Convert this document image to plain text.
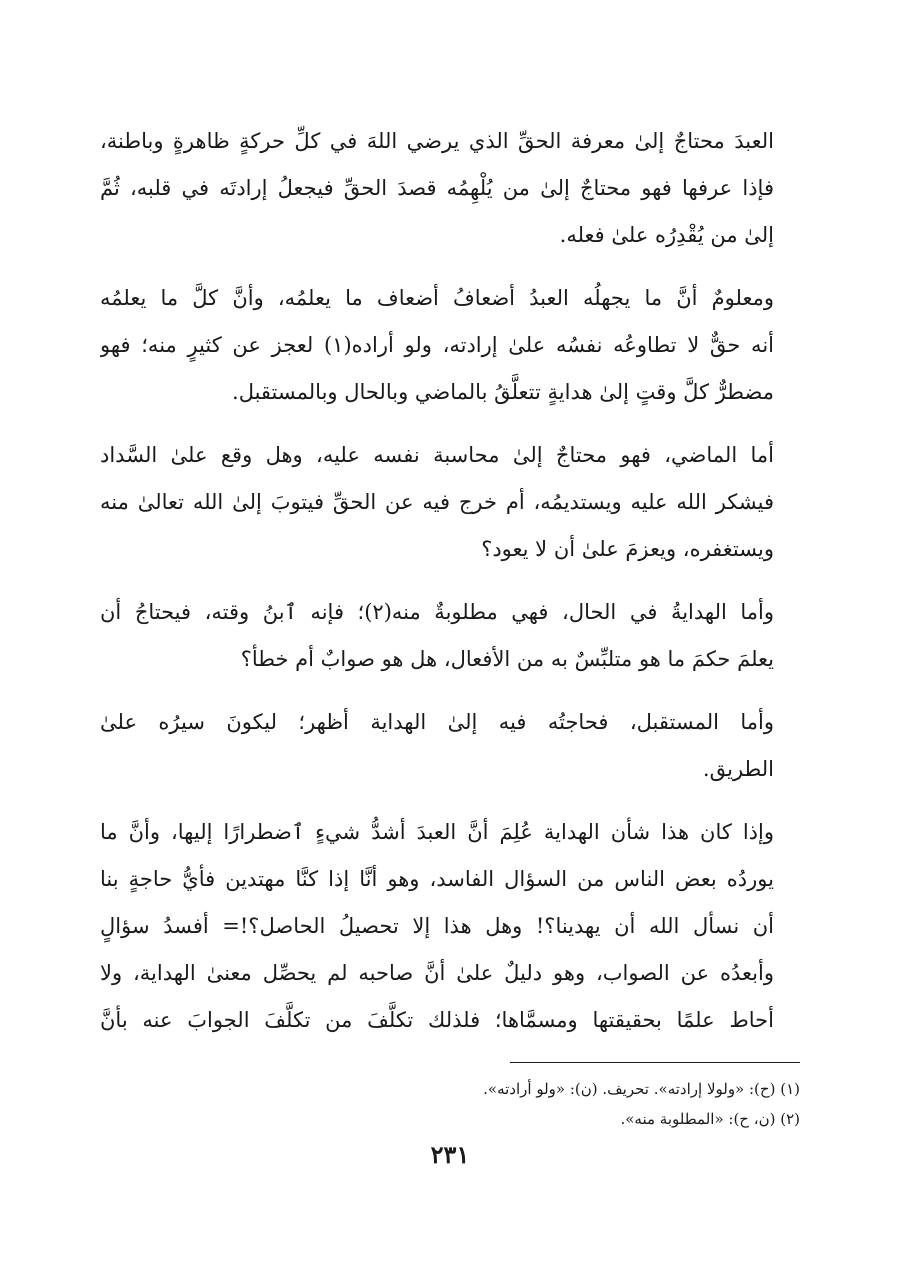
العبدَ محتاجٌ إلىٰ معرفة الحقِّ الذي يرضي اللهَ في كلِّ حركةٍ ظاهرةٍ وباطنة،
فإذا عرفها فهو محتاجٌ إلىٰ من يُلْهِمُه قصدَ الحقِّ فيجعلُ إرادتَه في قلبه، ثُمَّ
إلىٰ من يُقْدِرُه علىٰ فعله.

ومعلومٌ أنَّ ما يجهلُه العبدُ أضعافُ أضعاف ما يعلمُه، وأنَّ كلَّ ما يعلمُه
أنه حقٌّ لا تطاوعُه نفسُه علىٰ إرادته، ولو أراده(١) لعجز عن كثيرٍ منه؛ فهو
مضطرٌّ كلَّ وقتٍ إلىٰ هدايةٍ تتعلَّقُ بالماضي وبالحال وبالمستقبل.

أما الماضي، فهو محتاجٌ إلىٰ محاسبة نفسه عليه، وهل وقع علىٰ السَّداد
فيشكر الله عليه ويستديمُه، أم خرج فيه عن الحقِّ فيتوبَ إلىٰ الله تعالىٰ منه
ويستغفره، ويعزمَ علىٰ أن لا يعود؟

وأما الهدايةُ في الحال، فهي مطلوبةٌ منه(٢)؛ فإنه ٱبنُ وقته، فيحتاجُ أن
يعلمَ حكمَ ما هو متلبِّسٌ به من الأفعال، هل هو صوابٌ أم خطأ؟

وأما المستقبل، فحاجتُه فيه إلىٰ الهداية أظهر؛ ليكونَ سيرُه علىٰ
الطريق.

وإذا كان هذا شأن الهداية عُلِمَ أنَّ العبدَ أشدُّ شيءٍ ٱضطرارًا إليها، وأنَّ ما
يوردُه بعض الناس من السؤال الفاسد، وهو أنَّا إذا كنَّا مهتدين فأيُّ حاجةٍ بنا
أن نسأل الله أن يهدينا؟! وهل هذا إلا تحصيلُ الحاصل؟!= أفسدُ سؤالٍ
وأبعدُه عن الصواب، وهو دليلٌ علىٰ أنَّ صاحبه لم يحصِّل معنىٰ الهداية، ولا
أحاط علمًا بحقيقتها ومسمَّاها؛ فلذلك تكلَّفَ من تكلَّفَ الجوابَ عنه بأنَّ

(١) (ح): «ولولا إرادته». تحريف. (ن): «ولو أرادته».
(٢) (ن، ح): «المطلوبة منه».
٢٣١
